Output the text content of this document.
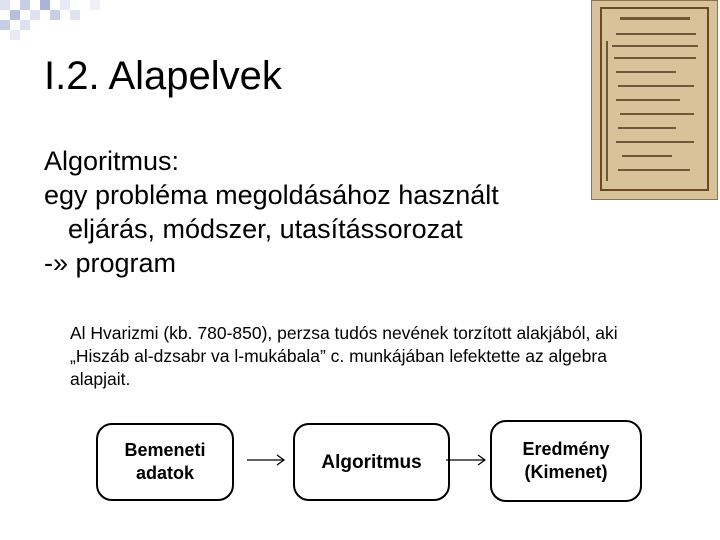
I.2. Alapelvek
Algoritmus:
egy probléma megoldásához használt
eljárás, módszer, utasítássorozat
-» program
Al Hvarizmi (kb. 780-850), perzsa tudós nevének torzított alakjából, aki „Hiszáb al-dzsabr va l-mukábala” c. munkájában lefektette az algebra alapjait.
Bemeneti
adatok
Algoritmus
Eredmény
(Kimenet)
